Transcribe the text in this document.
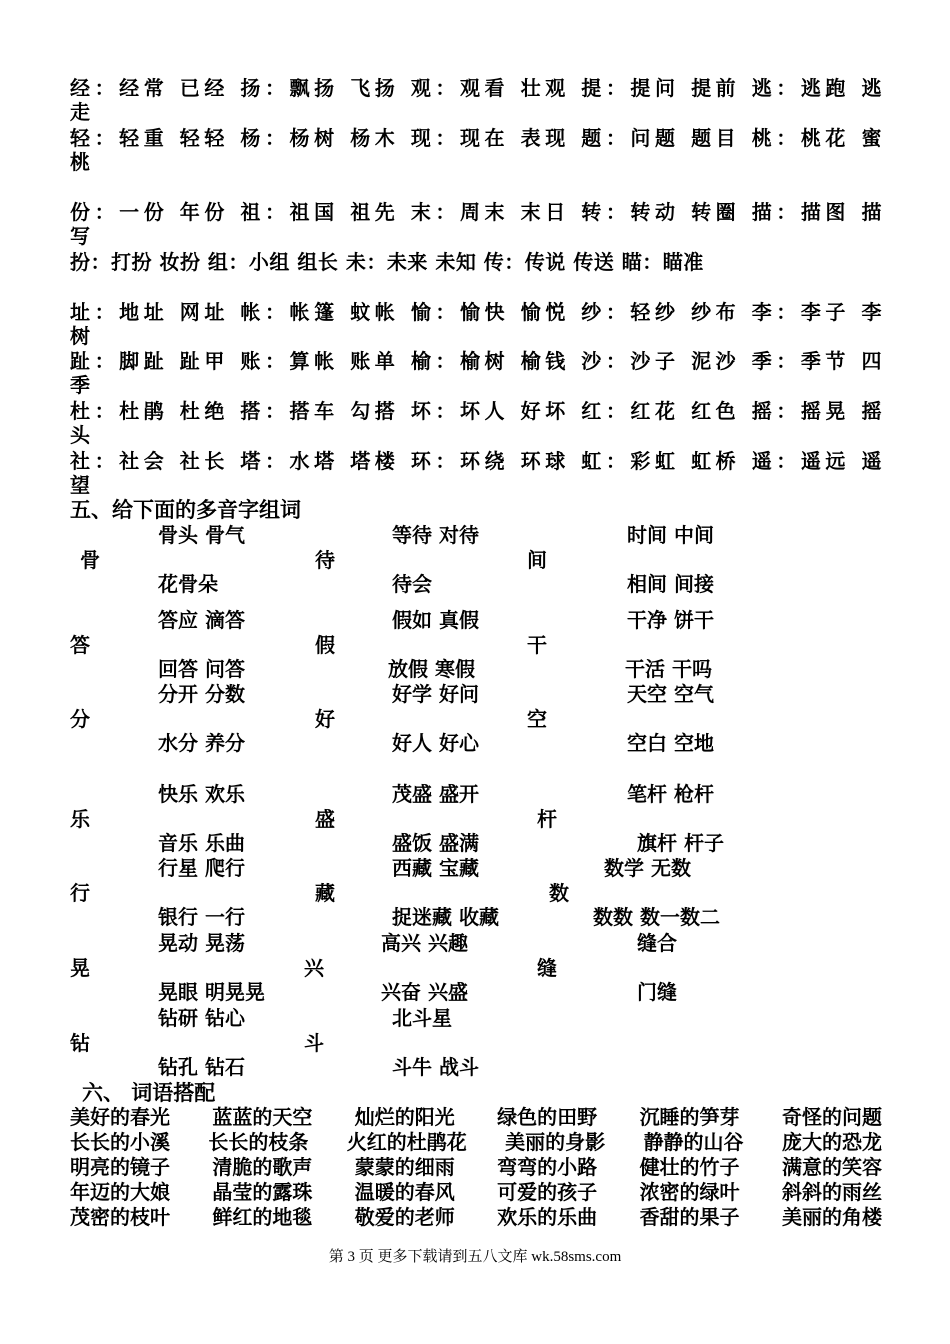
经：经常 已经 扬：飘扬 飞扬 观：观看 壮观 提：提问 提前 逃：逃跑 逃
走
轻：轻重 轻轻 杨：杨树 杨木 现：现在 表现 题：问题 题目 桃：桃花 蜜
桃
份：一份 年份 祖：祖国 祖先 末：周末 末日 转：转动 转圈 描：描图 描
写
扮：打扮 妆扮 组：小组 组长 未：未来 未知 传：传说 传送 瞄：瞄准
址：地址 网址 帐：帐篷 蚊帐 愉：愉快 愉悦 纱：轻纱 纱布 李：李子 李
树
趾：脚趾 趾甲 账：算帐 账单 榆：榆树 榆钱 沙：沙子 泥沙 季：季节 四
季
杜：杜鹃 杜绝 搭：搭车 勾搭 坏：坏人 好坏 红：红花 红色 摇：摇晃 摇
头
社：社会 社长 塔：水塔 塔楼 环：环绕 环球 虹：彩虹 虹桥 遥：遥远 遥
望
五、给下面的多音字组词
骨头 骨气
骨
花骨朵
等待 对待
待
待会
时间 中间
间
相间 间接
答应 滴答
答
回答 问答
假如 真假
假
放假 寒假
干净 饼干
干
干活 干吗
分开 分数
分
水分 养分
好学 好问
好
好人 好心
天空 空气
空
空白 空地
快乐 欢乐
乐
音乐 乐曲
茂盛 盛开
盛
盛饭 盛满
笔杆 枪杆
杆
旗杆 杆子
行星 爬行
行
银行 一行
西藏 宝藏
藏
捉迷藏 收藏
数学 无数
数
数数 数一数二
晃动 晃荡
晃
晃眼 明晃晃
高兴 兴趣
兴
兴奋 兴盛
缝合
缝
门缝
钻研 钻心
钻
钻孔 钻石
北斗星
斗
斗牛 战斗
六、 词语搭配
美好的春光 蓝蓝的天空 灿烂的阳光 绿色的田野 沉睡的笋芽 奇怪的问题
长长的小溪 长长的枝条 火红的杜鹃花 美丽的身影 静静的山谷 庞大的恐龙
明亮的镜子 清脆的歌声 蒙蒙的细雨 弯弯的小路 健壮的竹子 满意的笑容
年迈的大娘 晶莹的露珠 温暖的春风 可爱的孩子 浓密的绿叶 斜斜的雨丝
茂密的枝叶 鲜红的地毯 敬爱的老师 欢乐的乐曲 香甜的果子 美丽的角楼
第 3 页 更多下载请到五八文库 wk.58sms.com
